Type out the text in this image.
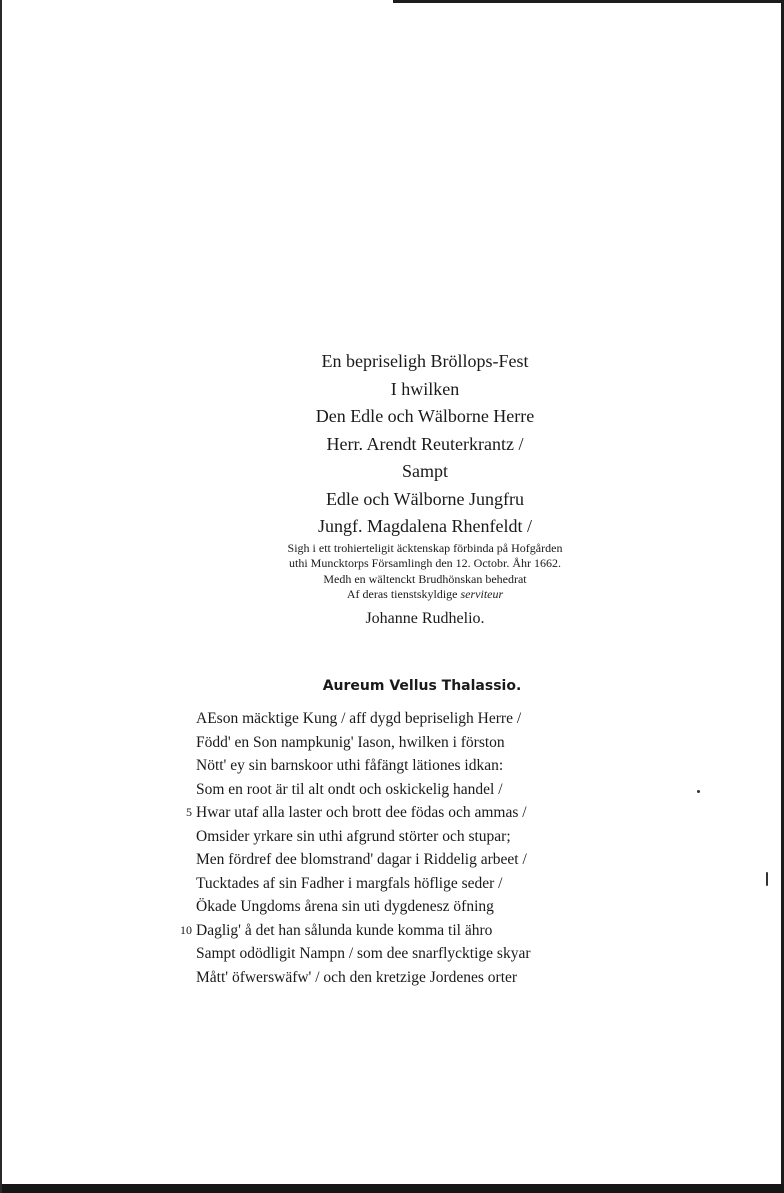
En bepriseligh Bröllops-Fest
I hwilken
Den Edle och Wälborne Herre
Herr. Arendt Reuterkrantz /
Sampt
Edle och Wälborne Jungfru
Jungf. Magdalena Rhenfeldt /
Sigh i ett trohierteligit äcktenskap förbinda på Hofgården
uthi Muncktorps Församlingh den 12. Octobr. Åhr 1662.
Medh en wältenckt Brudhönskan behedrat
Af deras tienstskyldige serviteur
Johanne Rudhelio.
Aureum Vellus Thalassio.
AEson mäcktige Kung / aff dygd bepriseligh Herre /
Född' en Son nampkunig' Iason, hwilken i förston
Nött' ey sin barnskoor uthi fåfängt lätiones idkan:
Som en root är til alt ondt och oskickelig handel /
5 Hwar utaf alla laster och brott dee födas och ammas /
Omsider yrkare sin uthi afgrund störter och stupar;
Men fördref dee blomstrand' dagar i Riddelig arbeet /
Tucktades af sin Fadher i margfals höflige seder /
Ökade Ungdoms årena sin uti dygdenesz öfning
10 Daglig' å det han sålunda kunde komma til ähro
Sampt odödligit Nampn / som dee snarflycktige skyar
Mått' öfwerswäfw' / och den kretzige Jordenes orter
